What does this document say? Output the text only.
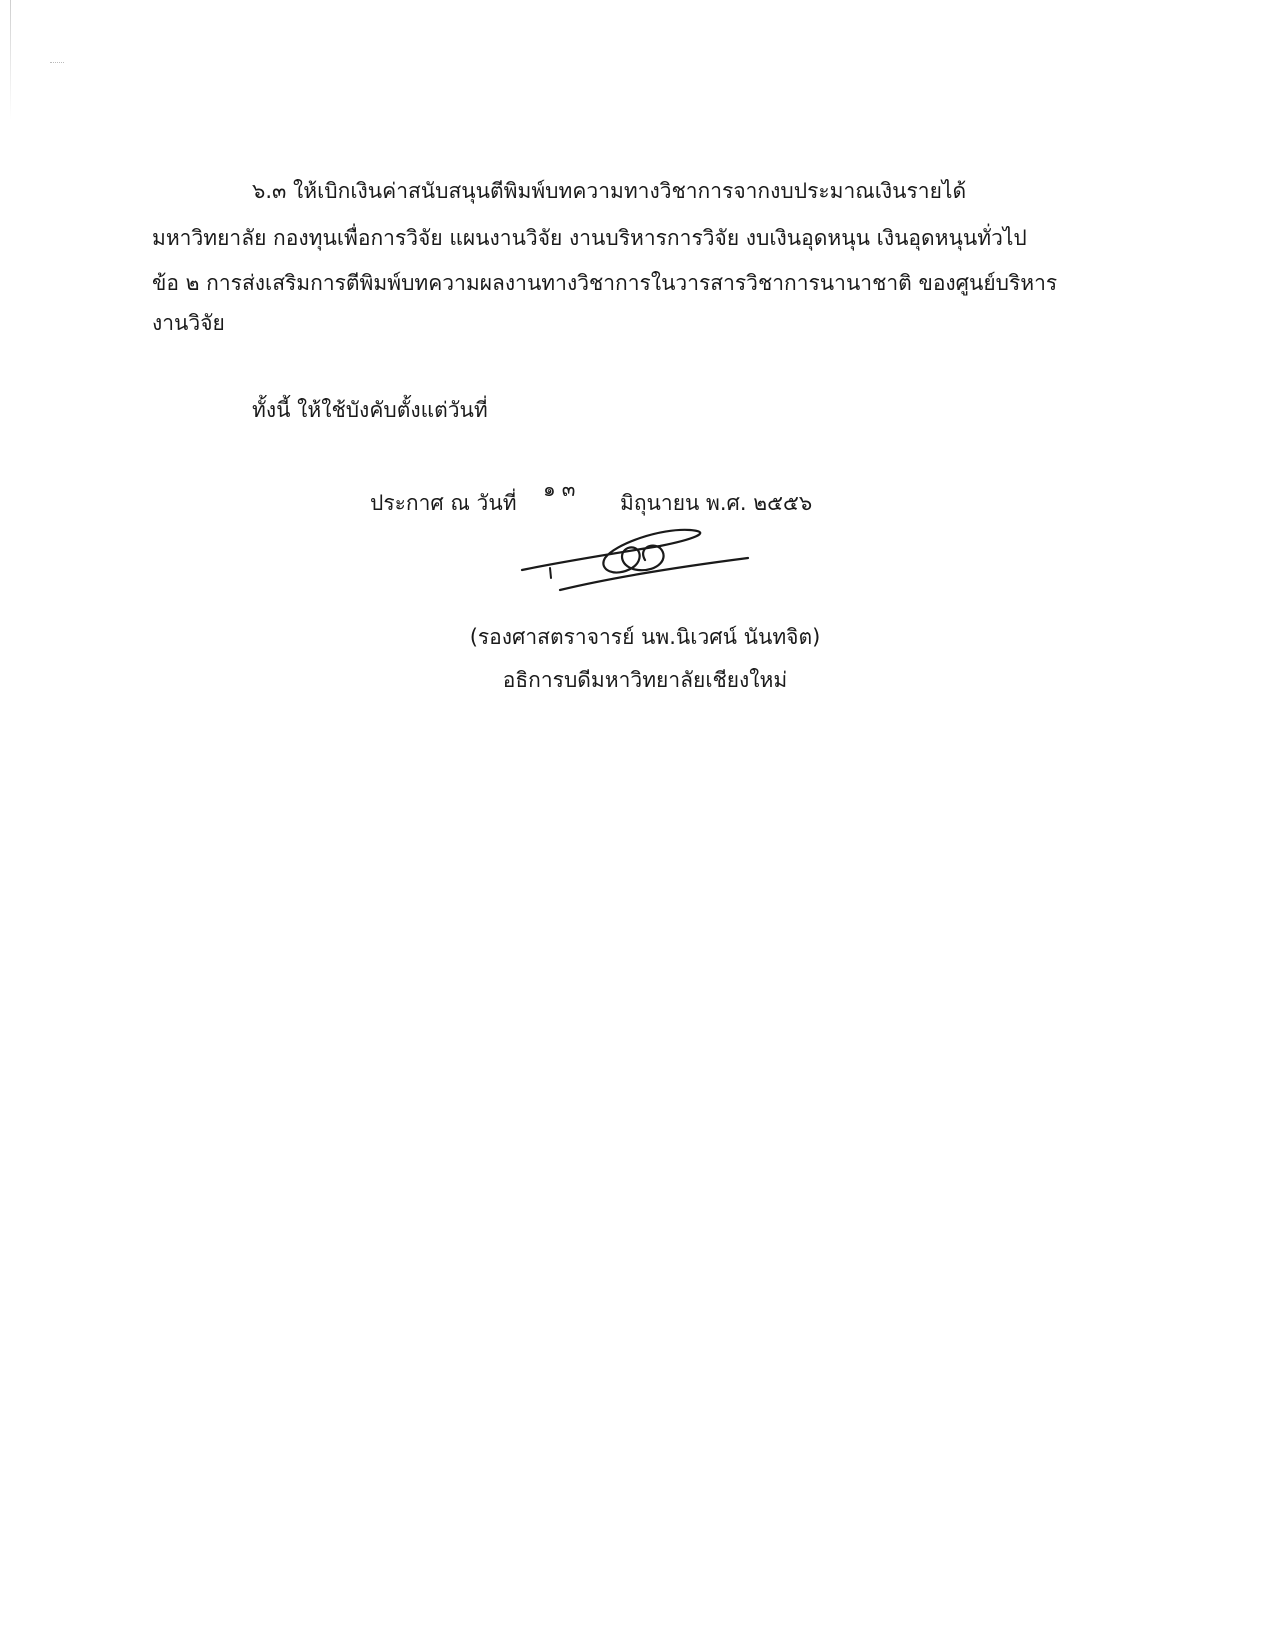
๖.๓ ให้เบิกเงินค่าสนับสนุนตีพิมพ์บทความทางวิชาการจากงบประมาณเงินรายได้
มหาวิทยาลัย กองทุนเพื่อการวิจัย แผนงานวิจัย งานบริหารการวิจัย งบเงินอุดหนุน เงินอุดหนุนทั่วไป
ข้อ ๒ การส่งเสริมการตีพิมพ์บทความผลงานทางวิชาการในวารสารวิชาการนานาชาติ ของศูนย์บริหาร
งานวิจัย
ทั้งนี้ ให้ใช้บังคับตั้งแต่วันที่
ประกาศ ณ วันที่
๑๓
มิถุนายน พ.ศ. ๒๕๕๖
(รองศาสตราจารย์ นพ.นิเวศน์ นันทจิต)
อธิการบดีมหาวิทยาลัยเชียงใหม่
